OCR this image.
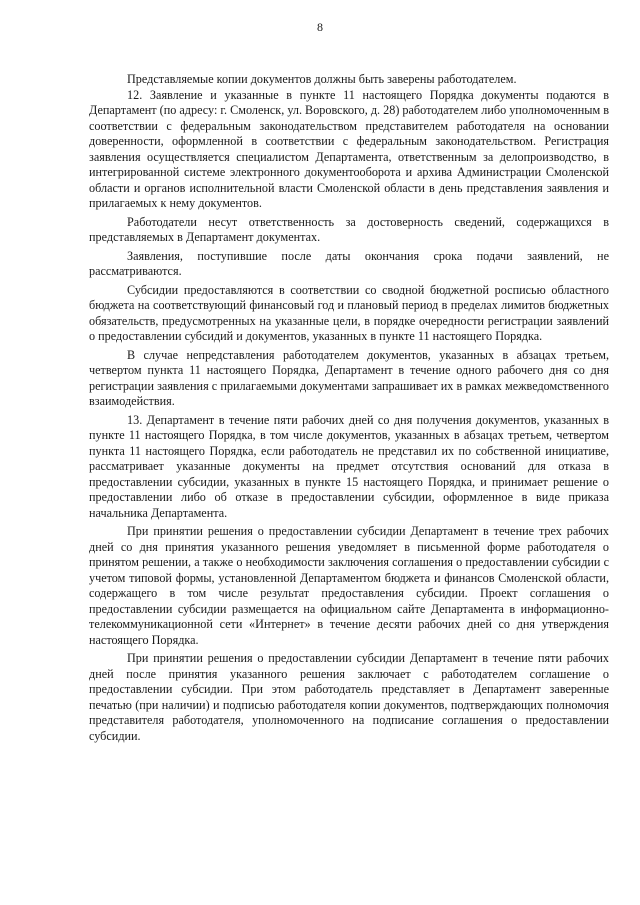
8

Представляемые копии документов должны быть заверены работодателем.

12. Заявление и указанные в пункте 11 настоящего Порядка документы подаются в Департамент (по адресу: г. Смоленск, ул. Воровского, д. 28) работодателем либо уполномоченным в соответствии с федеральным законодательством представителем работодателя на основании доверенности, оформленной в соответствии с федеральным законодательством. Регистрация заявления осуществляется специалистом Департамента, ответственным за делопроизводство, в интегрированной системе электронного документооборота и архива Администрации Смоленской области и органов исполнительной власти Смоленской области в день представления заявления и прилагаемых к нему документов.

Работодатели несут ответственность за достоверность сведений, содержащихся в представляемых в Департамент документах.

Заявления, поступившие после даты окончания срока подачи заявлений, не рассматриваются.

Субсидии предоставляются в соответствии со сводной бюджетной росписью областного бюджета на соответствующий финансовый год и плановый период в пределах лимитов бюджетных обязательств, предусмотренных на указанные цели, в порядке очередности регистрации заявлений о предоставлении субсидий и документов, указанных в пункте 11 настоящего Порядка.

В случае непредставления работодателем документов, указанных в абзацах третьем, четвертом пункта 11 настоящего Порядка, Департамент в течение одного рабочего дня со дня регистрации заявления с прилагаемыми документами запрашивает их в рамках межведомственного взаимодействия.

13. Департамент в течение пяти рабочих дней со дня получения документов, указанных в пункте 11 настоящего Порядка, в том числе документов, указанных в абзацах третьем, четвертом пункта 11 настоящего Порядка, если работодатель не представил их по собственной инициативе, рассматривает указанные документы на предмет отсутствия оснований для отказа в предоставлении субсидии, указанных в пункте 15 настоящего Порядка, и принимает решение о предоставлении либо об отказе в предоставлении субсидии, оформленное в виде приказа начальника Департамента.

При принятии решения о предоставлении субсидии Департамент в течение трех рабочих дней со дня принятия указанного решения уведомляет в письменной форме работодателя о принятом решении, а также о необходимости заключения соглашения о предоставлении субсидии с учетом типовой формы, установленной Департаментом бюджета и финансов Смоленской области, содержащего в том числе результат предоставления субсидии. Проект соглашения о предоставлении субсидии размещается на официальном сайте Департамента в информационно-телекоммуникационной сети «Интернет» в течение десяти рабочих дней со дня утверждения настоящего Порядка.

При принятии решения о предоставлении субсидии Департамент в течение пяти рабочих дней после принятия указанного решения заключает с работодателем соглашение о предоставлении субсидии. При этом работодатель представляет в Департамент заверенные печатью (при наличии) и подписью работодателя копии документов, подтверждающих полномочия представителя работодателя, уполномоченного на подписание соглашения о предоставлении субсидии.
